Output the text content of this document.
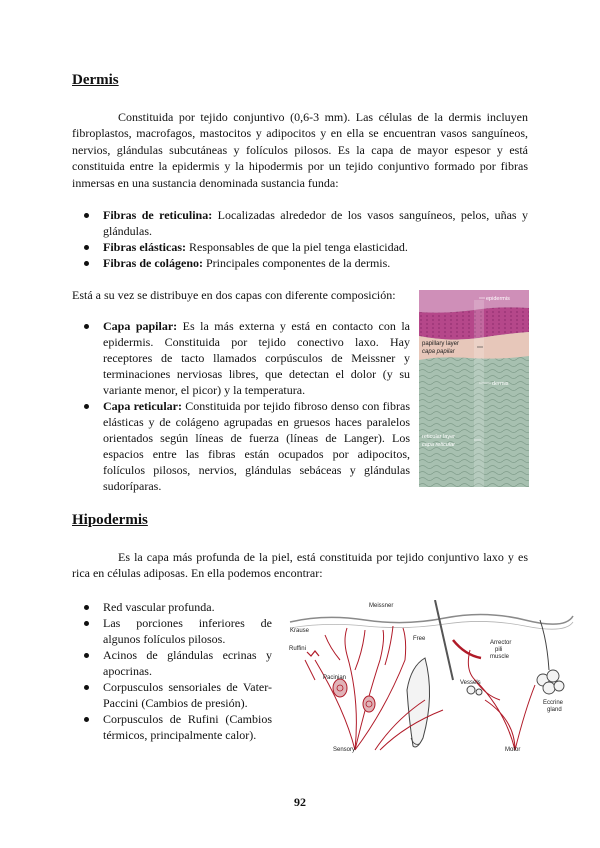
Dermis

Constituida por tejido conjuntivo (0,6-3 mm). Las células de la dermis incluyen fibroplastos, macrofagos, mastocitos y adipocitos y en ella se encuentran vasos sanguíneos, nervios, glándulas subcutáneas y folículos pilosos. Es la capa de mayor espesor y está constituida entre la epidermis y la hipodermis por un tejido conjuntivo formado por fibras inmersas en una sustancia denominada sustancia funda:

Fibras de reticulina: Localizadas alrededor de los vasos sanguíneos, pelos, uñas y glándulas.
Fibras elásticas: Responsables de que la piel tenga elasticidad.
Fibras de colágeno: Principales componentes de la dermis.

Está a su vez se distribuye en dos capas con diferente composición:

Capa papilar: Es la más externa y está en contacto con la epidermis. Constituida por tejido conectivo laxo. Hay receptores de tacto llamados corpúsculos de Meissner y terminaciones nerviosas libres, que detectan el dolor (y su variante menor, el picor) y la temperatura.
Capa reticular: Constituida por tejido fibroso denso con fibras elásticas y de colágeno agrupadas en gruesos haces paralelos orientados según líneas de fuerza (líneas de Langer). Los espacios entre las fibras están ocupados por adipocitos, folículos pilosos, nervios, glándulas sebáceas y glándulas sudoríparas.
epidermis
papillary layer
capa papilar
dermis
reticular layer
capa reticular
Hipodermis

Es la capa más profunda de la piel, está constituida por tejido conjuntivo laxo y es rica en células adiposas. En ella podemos encontrar:

Red vascular profunda.
Las porciones inferiores de algunos folículos pilosos.
Acinos de glándulas ecrinas y apocrinas.
Corpusculos sensoriales de Vater-Paccini (Cambios de presión).
Corpusculos de Rufini (Cambios térmicos, principalmente calor).
Meissner
Krause
Ruffini
Free
Arrector
pili
muscle
Pacinian
Vessels
Eccrine
gland
Sensory	Motor
92
